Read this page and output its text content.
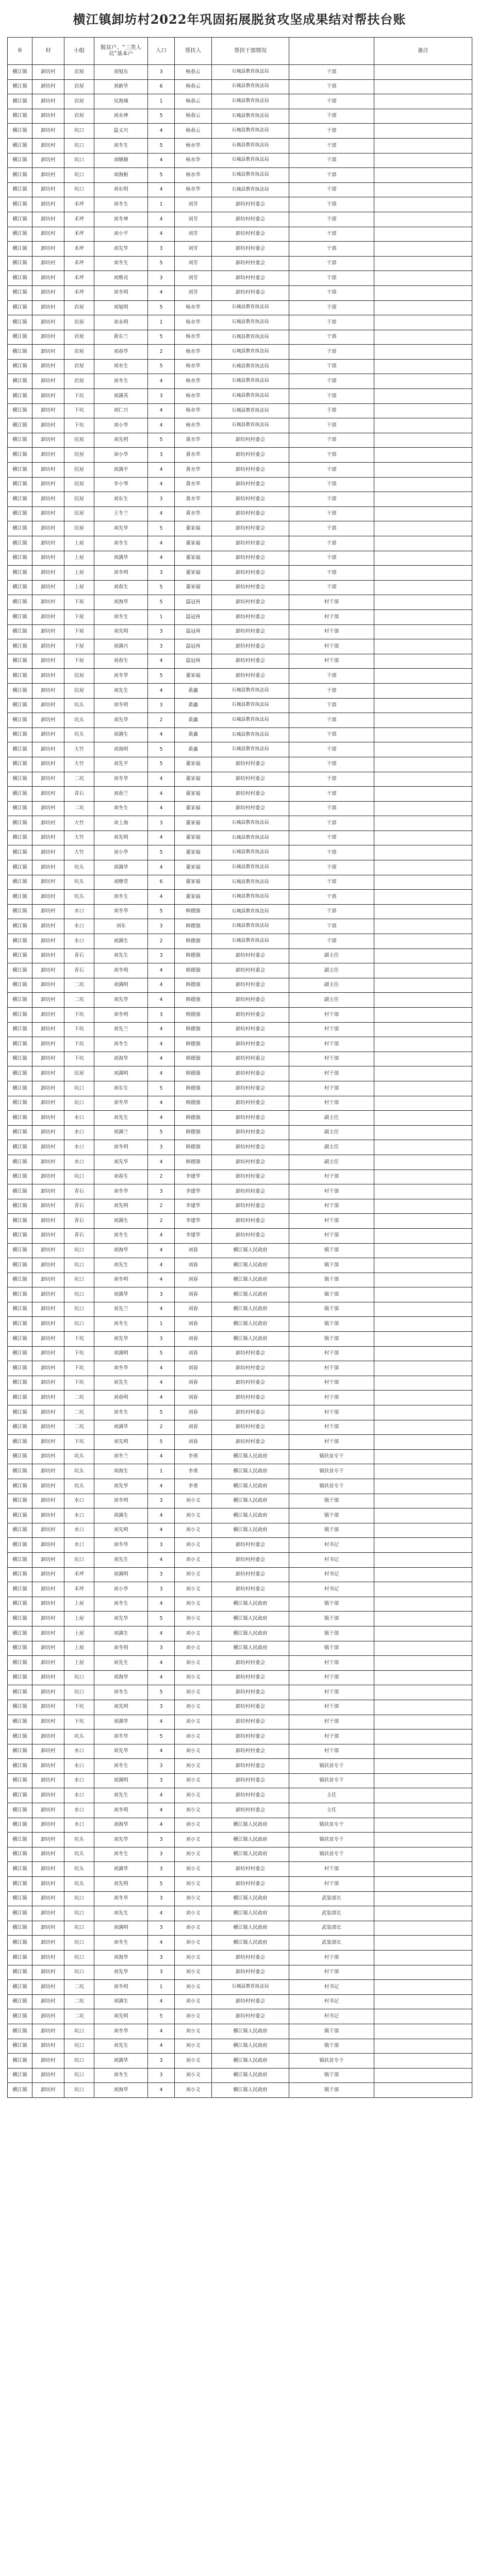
横江镇卸坊村2022年巩固拓展脱贫攻坚成果结对帮扶台账
乡	村	小组	脱贫户、“三类人员”基本户	人口	帮扶人	帮扶干部情况		备注
横江镇	卸坊村	岩屋	刘旭东	3	杨春云	石城县教育执法局	干部	
横江镇	卸坊村	岩屋	刘新华	6	杨春云	石城县教育执法局	干部	
横江镇	卸坊村	岩屋	吴海城	1	杨春云	石城县教育执法局	干部	
横江镇	卸坊村	岩屋	刘永坤	5	杨春云	石城县教育执法局	干部	
横江镇	卸坊村	坑口	温义兴	4	杨春云	石城县教育执法局	干部	
横江镇	卸坊村	坑口	刘冬生	5	杨水华	石城县教育执法局	干部	
横江镇	卸坊村	坑口	刘继顺	4	杨水华	石城县教育执法局	干部	
横江镇	卸坊村	坑口	刘海根	5	杨水华	石城县教育执法局	干部	
横江镇	卸坊村	坑口	刘东明	4	杨水华	石城县教育执法局	干部	
横江镇	卸坊村	禾坪	刘冬生	1	刘芳	卸坊村村委会	干部	
横江镇	卸坊村	禾坪	刘冬坤	4	刘芳	卸坊村村委会	干部	
横江镇	卸坊村	禾坪	刘小平	4	刘芳	卸坊村村委会	干部	
横江镇	卸坊村	禾坪	刘先华	3	刘芳	卸坊村村委会	干部	
横江镇	卸坊村	禾坪	刘冬生	5	刘芳	卸坊村村委会	干部	
横江镇	卸坊村	禾坪	刘维亮	3	刘芳	卸坊村村委会	干部	
横江镇	卸坊村	禾坪	刘冬明	4	刘芳	卸坊村村委会	干部	
横江镇	卸坊村	岩屋	刘旭明	5	杨水华	石城县教育执法局	干部	
横江镇	卸坊村	岩屋	刘永明	1	杨水华	石城县教育执法局	干部	
横江镇	卸坊村	岩屋	黄东兰	5	杨水华	石城县教育执法局	干部	
横江镇	卸坊村	岩屋	刘春华	2	杨水华	石城县教育执法局	干部	
横江镇	卸坊村	岩屋	刘水生	5	杨水华	石城县教育执法局	干部	
横江镇	卸坊村	岩屋	刘冬生	4	杨水华	石城县教育执法局	干部	
横江镇	卸坊村	下坑	刘满英	3	杨水华	石城县教育执法局	干部	
横江镇	卸坊村	下坑	刘仁兴	4	杨水华	石城县教育执法局	干部	
横江镇	卸坊村	下坑	刘小华	4	杨水华	石城县教育执法局	干部	
横江镇	卸坊村	民屋	刘先明	5	黄水华	卸坊村村委会	干部	
横江镇	卸坊村	民屋	刘小华	3	黄水华	卸坊村村委会	干部	
横江镇	卸坊村	民屋	刘满平	4	黄水华	卸坊村村委会	干部	
横江镇	卸坊村	民屋	李小琴	4	黄水华	卸坊村村委会	干部	
横江镇	卸坊村	民屋	刘东生	3	黄水华	卸坊村村委会	干部	
横江镇	卸坊村	民屋	王冬兰	4	黄水华	卸坊村村委会	干部	
横江镇	卸坊村	民屋	刘先华	5	董家福	卸坊村村委会	干部	
横江镇	卸坊村	上屋	刘冬生	4	董家福	卸坊村村委会	干部	
横江镇	卸坊村	上屋	刘满华	4	董家福	卸坊村村委会	干部	
横江镇	卸坊村	上屋	刘冬明	3	董家福	卸坊村村委会	干部	
横江镇	卸坊村	上屋	刘春生	5	董家福	卸坊村村委会	干部	
横江镇	卸坊村	下屋	刘海华	5	温冠再	卸坊村村委会	村干部	
横江镇	卸坊村	下屋	刘冬生	1	温冠再	卸坊村村委会	村干部	
横江镇	卸坊村	下屋	刘先明	3	温冠再	卸坊村村委会	村干部	
横江镇	卸坊村	下屋	刘满兴	3	温冠再	卸坊村村委会	村干部	
横江镇	卸坊村	下屋	刘春生	4	温冠再	卸坊村村委会	村干部	
横江镇	卸坊村	民屋	刘冬华	5	董家福	卸坊村村委会	干部	
横江镇	卸坊村	民屋	刘先生	4	黄鑫	石城县教育执法局	干部	
横江镇	卸坊村	坑头	刘冬明	3	黄鑫	石城县教育执法局	干部	
横江镇	卸坊村	坑头	刘先华	2	黄鑫	石城县教育执法局	干部	
横江镇	卸坊村	坑头	刘满生	4	黄鑫	石城县教育执法局	干部	
横江镇	卸坊村	大竹	刘海明	5	黄鑫	石城县教育执法局	干部	
横江镇	卸坊村	大竹	刘先平	5	董家福	卸坊村村委会	干部	
横江镇	卸坊村	二坑	刘冬华	4	董家福	卸坊村村委会	干部	
横江镇	卸坊村	青石	刘春兰	4	董家福	卸坊村村委会	干部	
横江镇	卸坊村	二坑	刘冬生	4	董家福	卸坊村村委会	干部	
横江镇	卸坊村	大竹	刘上海	3	董家福	石城县教育执法局	干部	
横江镇	卸坊村	大竹	刘先明	4	董家福	石城县教育执法局	干部	
横江镇	卸坊村	大竹	刘小华	5	董家福	石城县教育执法局	干部	
横江镇	卸坊村	坑头	刘满华	4	董家福	石城县教育执法局	干部	
横江镇	卸坊村	坑头	刘继堂	6	董家福	石城县教育执法局	干部	
横江镇	卸坊村	坑头	刘冬生	4	董家福	石城县教育执法局	干部	
横江镇	卸坊村	水口	刘冬华	5	韩德强	石城县教育执法局	干部	
横江镇	卸坊村	水口	刘东	3	韩德强	石城县教育执法局	干部	
横江镇	卸坊村	水口	刘满生	2	韩德强	石城县教育执法局	干部	
横江镇	卸坊村	青石	刘先生	3	韩德强	卸坊村村委会	副主任	
横江镇	卸坊村	青石	刘冬明	4	韩德强	卸坊村村委会	副主任	
横江镇	卸坊村	二坑	刘满明	4	韩德强	卸坊村村委会	副主任	
横江镇	卸坊村	二坑	刘先华	4	韩德强	卸坊村村委会	副主任	
横江镇	卸坊村	下坑	刘冬明	3	韩德强	卸坊村村委会	村干部	
横江镇	卸坊村	下坑	刘先兰	4	韩德强	卸坊村村委会	村干部	
横江镇	卸坊村	下坑	刘冬生	4	韩德强	卸坊村村委会	村干部	
横江镇	卸坊村	下坑	刘海华	4	韩德强	卸坊村村委会	村干部	
横江镇	卸坊村	民屋	刘满明	4	韩德强	卸坊村村委会	村干部	
横江镇	卸坊村	坑口	刘东生	5	韩德强	卸坊村村委会	村干部	
横江镇	卸坊村	坑口	刘冬华	4	韩德强	卸坊村村委会	村干部	
横江镇	卸坊村	水口	刘先生	4	韩德强	卸坊村村委会	副主任	
横江镇	卸坊村	水口	刘满兰	5	韩德强	卸坊村村委会	副主任	
横江镇	卸坊村	水口	刘冬明	3	韩德强	卸坊村村委会	副主任	
横江镇	卸坊村	水口	刘先华	4	韩德强	卸坊村村委会	副主任	
横江镇	卸坊村	坑口	刘春生	2	李建华	卸坊村村委会	村干部	
横江镇	卸坊村	青石	刘冬华	3	李建华	卸坊村村委会	村干部	
横江镇	卸坊村	青石	刘先明	2	李建华	卸坊村村委会	村干部	
横江镇	卸坊村	青石	刘满生	2	李建华	卸坊村村委会	村干部	
横江镇	卸坊村	青石	刘冬生	4	李建华	卸坊村村委会	村干部	
横江镇	卸坊村	坑口	刘海华	4	刘春	横江镇人民政府	镇干部	
横江镇	卸坊村	坑口	刘先生	4	刘春	横江镇人民政府	镇干部	
横江镇	卸坊村	坑口	刘冬明	4	刘春	横江镇人民政府	镇干部	
横江镇	卸坊村	坑口	刘满华	3	刘春	横江镇人民政府	镇干部	
横江镇	卸坊村	坑口	刘先兰	4	刘春	横江镇人民政府	镇干部	
横江镇	卸坊村	坑口	刘冬生	1	刘春	横江镇人民政府	镇干部	
横江镇	卸坊村	下坑	刘先华	3	刘春	横江镇人民政府	镇干部	
横江镇	卸坊村	下坑	刘满明	5	刘春	卸坊村村委会	村干部	
横江镇	卸坊村	下坑	刘冬华	4	刘春	卸坊村村委会	村干部	
横江镇	卸坊村	下坑	刘先生	4	刘春	卸坊村村委会	村干部	
横江镇	卸坊村	二坑	刘春明	4	刘春	卸坊村村委会	村干部	
横江镇	卸坊村	二坑	刘冬生	5	刘春	卸坊村村委会	村干部	
横江镇	卸坊村	二坑	刘满华	2	刘春	卸坊村村委会	村干部	
横江镇	卸坊村	下坑	刘先明	5	刘春	卸坊村村委会	村干部	
横江镇	卸坊村	坑头	刘冬兰	4	李勇	横江镇人民政府	镇扶贫专干	
横江镇	卸坊村	坑头	刘海生	1	李勇	横江镇人民政府	镇扶贫专干	
横江镇	卸坊村	坑头	刘先华	4	李勇	横江镇人民政府	镇扶贫专干	
横江镇	卸坊村	水口	刘冬明	3	刘小文	横江镇人民政府	镇干部	
横江镇	卸坊村	水口	刘满生	4	刘小文	横江镇人民政府	镇干部	
横江镇	卸坊村	水口	刘先明	4	刘小文	横江镇人民政府	镇干部	
横江镇	卸坊村	水口	刘冬华	3	刘小文	卸坊村村委会	村书记	
横江镇	卸坊村	坑口	刘先生	4	刘小文	卸坊村村委会	村书记	
横江镇	卸坊村	禾坪	刘满明	3	刘小文	卸坊村村委会	村书记	
横江镇	卸坊村	禾坪	刘小华	3	刘小文	卸坊村村委会	村书记	
横江镇	卸坊村	上屋	刘冬生	4	刘小文	横江镇人民政府	镇干部	
横江镇	卸坊村	上屋	刘先华	5	刘小文	横江镇人民政府	镇干部	
横江镇	卸坊村	上屋	刘满生	4	刘小文	横江镇人民政府	镇干部	
横江镇	卸坊村	上屋	刘冬明	3	刘小文	横江镇人民政府	镇干部	
横江镇	卸坊村	上屋	刘先生	4	刘小文	卸坊村村委会	村干部	
横江镇	卸坊村	坑口	刘海华	4	刘小文	卸坊村村委会	村干部	
横江镇	卸坊村	坑口	刘冬生	5	刘小文	卸坊村村委会	村干部	
横江镇	卸坊村	下坑	刘先明	3	刘小文	卸坊村村委会	村干部	
横江镇	卸坊村	下坑	刘满华	4	刘小文	卸坊村村委会	村干部	
横江镇	卸坊村	坑头	刘冬华	5	刘小文	卸坊村村委会	村干部	
横江镇	卸坊村	水口	刘先华	4	刘小文	卸坊村村委会	村干部	
横江镇	卸坊村	水口	刘冬生	3	刘小文	卸坊村村委会	镇扶贫专干	
横江镇	卸坊村	水口	刘满明	3	刘小文	卸坊村村委会	镇扶贫专干	
横江镇	卸坊村	水口	刘先生	4	刘小文	卸坊村村委会	主任	
横江镇	卸坊村	水口	刘冬明	4	刘小文	卸坊村村委会	主任	
横江镇	卸坊村	水口	刘海华	4	刘小文	横江镇人民政府	镇扶贫专干	
横江镇	卸坊村	坑头	刘先华	3	刘小文	横江镇人民政府	镇扶贫专干	
横江镇	卸坊村	坑头	刘冬生	3	刘小文	横江镇人民政府	镇扶贫专干	
横江镇	卸坊村	坑头	刘满华	3	刘小文	卸坊村村委会	村干部	
横江镇	卸坊村	坑头	刘先明	5	刘小文	卸坊村村委会	村干部	
横江镇	卸坊村	坑口	刘冬华	3	刘小文	横江镇人民政府	武装部长	
横江镇	卸坊村	坑口	刘先生	4	刘小文	横江镇人民政府	武装部长	
横江镇	卸坊村	坑口	刘满明	3	刘小文	横江镇人民政府	武装部长	
横江镇	卸坊村	坑口	刘冬生	4	刘小文	横江镇人民政府	武装部长	
横江镇	卸坊村	坑口	刘海华	3	刘小文	卸坊村村委会	村干部	
横江镇	卸坊村	坑口	刘先华	3	刘小文	卸坊村村委会	村干部	
横江镇	卸坊村	二坑	刘冬明	1	刘小文	石城县教育执法局	村书记	
横江镇	卸坊村	二坑	刘满生	4	刘小文	卸坊村村委会	村书记	
横江镇	卸坊村	二坑	刘先明	5	刘小文	卸坊村村委会	村书记	
横江镇	卸坊村	坑口	刘冬华	4	刘小文	横江镇人民政府	镇干部	
横江镇	卸坊村	坑口	刘先生	4	刘小文	横江镇人民政府	镇干部	
横江镇	卸坊村	坑口	刘满华	3	刘小文	横江镇人民政府	镇扶贫专干	
横江镇	卸坊村	坑口	刘冬生	3	刘小文	横江镇人民政府	镇干部	
横江镇	卸坊村	坑口	刘海华	4	刘小文	横江镇人民政府	镇干部	
